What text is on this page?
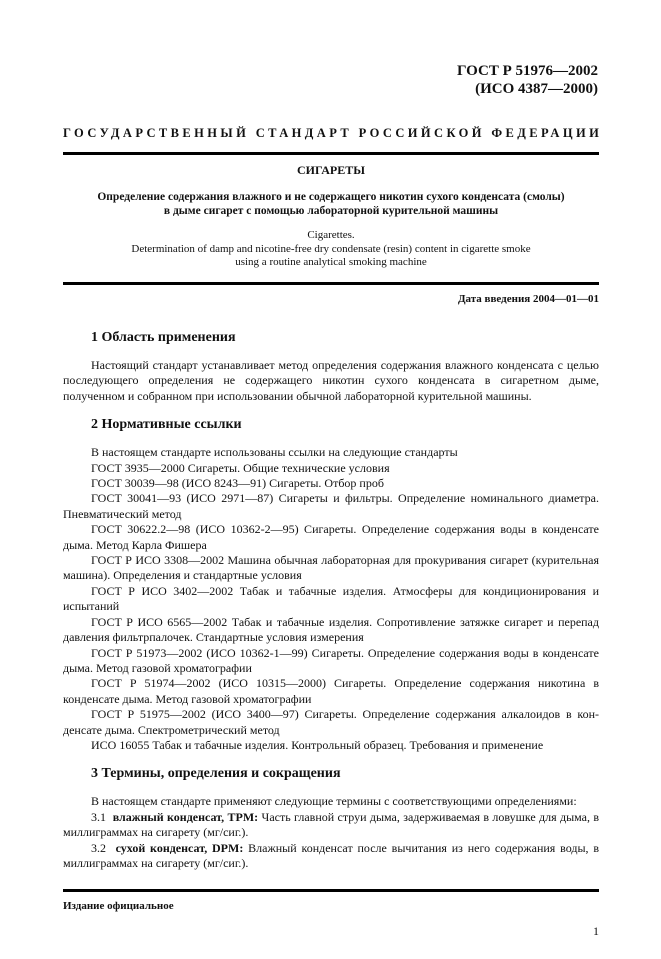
ГОСТ Р 51976—2002
(ИСО 4387—2000)
ГОСУДАРСТВЕННЫЙ СТАНДАРТ РОССИЙСКОЙ ФЕДЕРАЦИИ
СИГАРЕТЫ
Определение содержания влажного и не содержащего никотин сухого конденсата (смолы)
в дыме сигарет с помощью лабораторной курительной машины
Cigarettes.
Determination of damp and nicotine-free dry condensate (resin) content in cigarette smoke
using a routine analytical smoking machine
Дата введения 2004—01—01
1 Область применения
Настоящий стандарт устанавливает метод определения содержания влажного конденсата с целью последующего определения не содержащего никотин сухого конденсата в сигаретном дыме, полученном и собранном при использовании обычной лабораторной курительной машины.
2 Нормативные ссылки
В настоящем стандарте использованы ссылки на следующие стандарты
ГОСТ 3935—2000 Сигареты. Общие технические условия
ГОСТ 30039—98 (ИСО 8243—91) Сигареты. Отбор проб
ГОСТ 30041—93 (ИСО 2971—87) Сигареты и фильтры. Определение номинального диаметра. Пневматический метод
ГОСТ 30622.2—98 (ИСО 10362-2—95) Сигареты. Определение содержания воды в конденсате дыма. Метод Карла Фишера
ГОСТ Р ИСО 3308—2002 Машина обычная лабораторная для прокуривания сигарет (курительная машина). Определения и стандартные условия
ГОСТ Р ИСО 3402—2002 Табак и табачные изделия. Атмосферы для кондиционирования и испытаний
ГОСТ Р ИСО 6565—2002 Табак и табачные изделия. Сопротивление затяжке сигарет и перепад давления фильтрпалочек. Стандартные условия измерения
ГОСТ Р 51973—2002 (ИСО 10362-1—99) Сигареты. Определение содержания воды в конденсате дыма. Метод газовой хроматографии
ГОСТ Р 51974—2002 (ИСО 10315—2000) Сигареты. Определение содержания никотина в конденсате дыма. Метод газовой хроматографии
ГОСТ Р 51975—2002 (ИСО 3400—97) Сигареты. Определение содержания алкалоидов в конденсате дыма. Спектрометрический метод
ИСО 16055 Табак и табачные изделия. Контрольный образец. Требования и применение
3 Термины, определения и сокращения
В настоящем стандарте применяют следующие термины с соответствующими определениями:
3.1 влажный конденсат, TPM: Часть главной струи дыма, задерживаемая в ловушке для дыма, в миллиграммах на сигарету (мг/сиг.).
3.2 сухой конденсат, DPM: Влажный конденсат после вычитания из него содержания воды, в миллиграммах на сигарету (мг/сиг.).
Издание официальное
1
